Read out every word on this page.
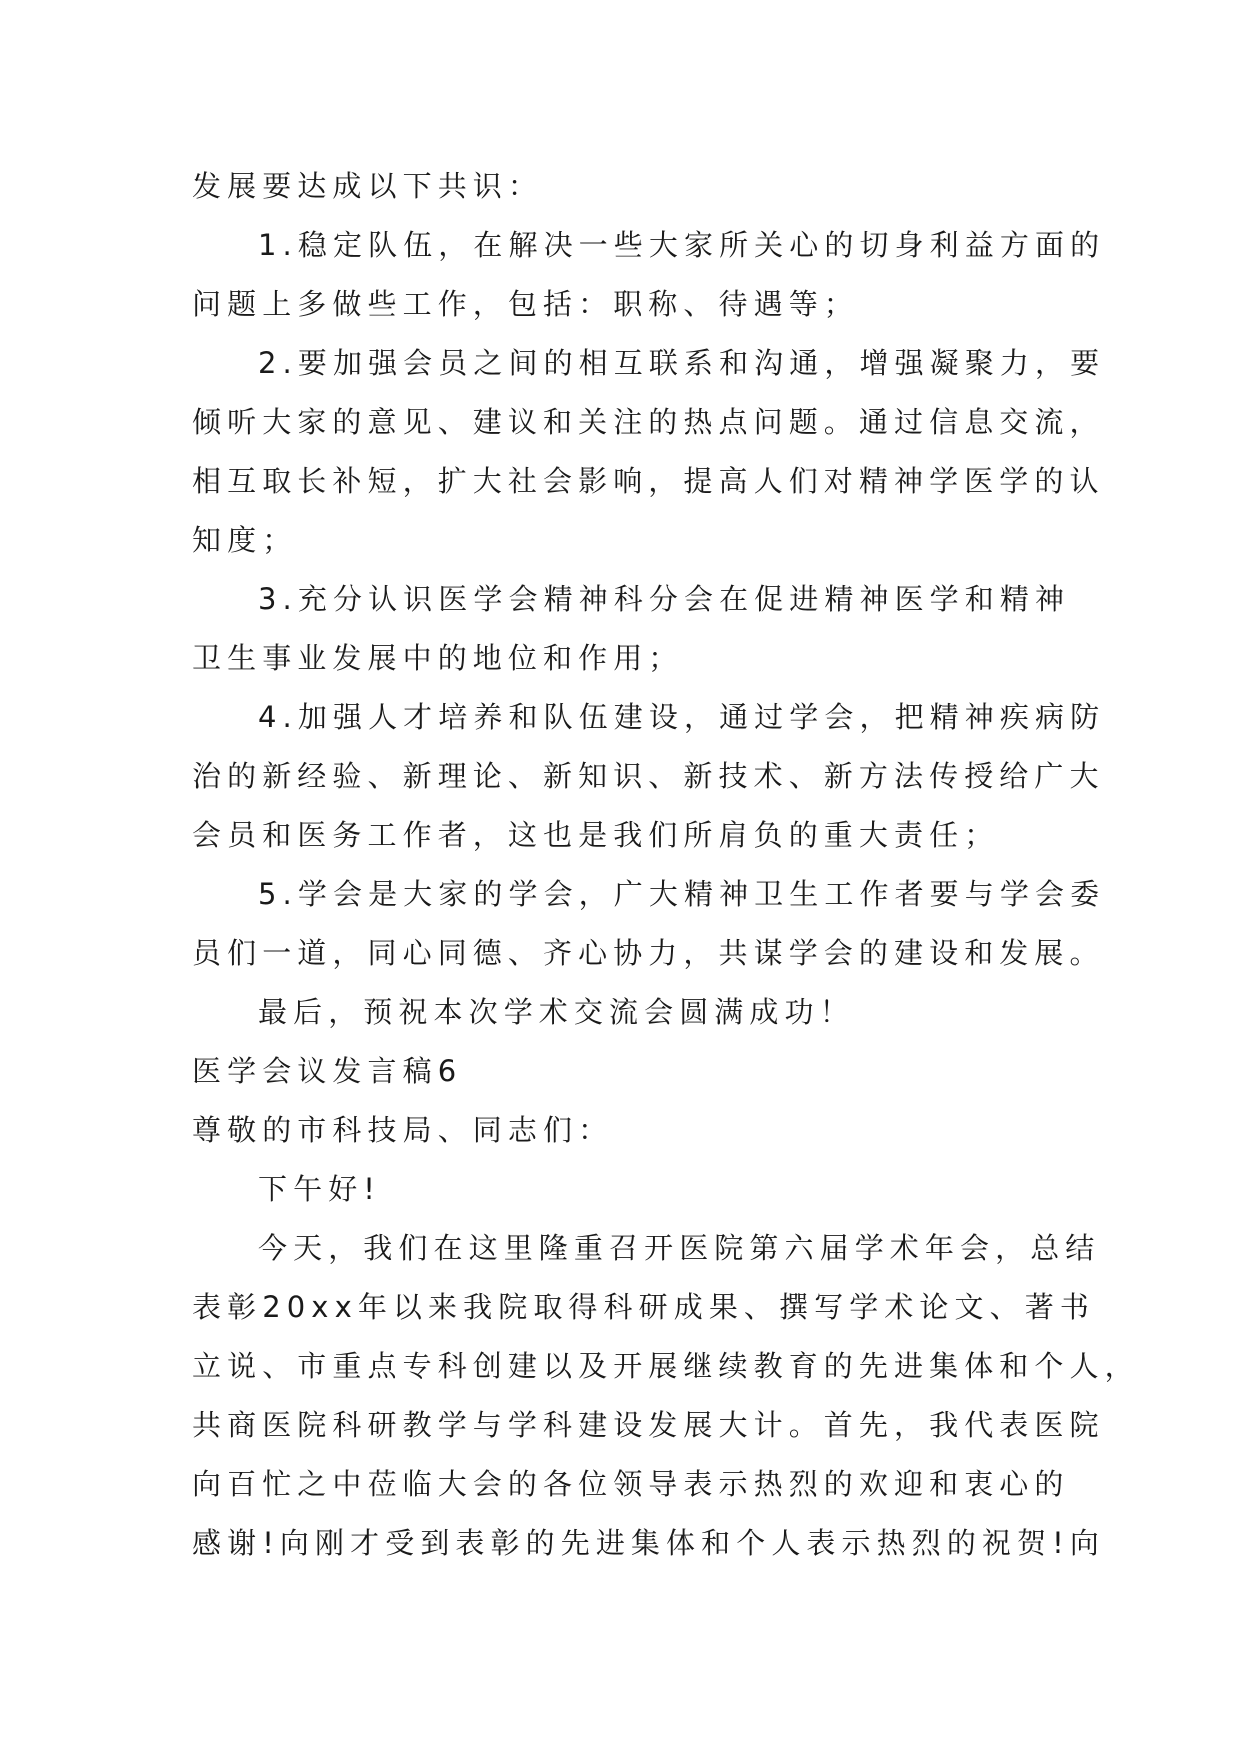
发展要达成以下共识：
1.稳定队伍，在解决一些大家所关心的切身利益方面的
问题上多做些工作，包括：职称、待遇等；
2.要加强会员之间的相互联系和沟通，增强凝聚力，要
倾听大家的意见、建议和关注的热点问题。通过信息交流，
相互取长补短，扩大社会影响，提高人们对精神学医学的认
知度；
3.充分认识医学会精神科分会在促进精神医学和精神
卫生事业发展中的地位和作用；
4.加强人才培养和队伍建设，通过学会，把精神疾病防
治的新经验、新理论、新知识、新技术、新方法传授给广大
会员和医务工作者，这也是我们所肩负的重大责任；
5.学会是大家的学会，广大精神卫生工作者要与学会委
员们一道，同心同德、齐心协力，共谋学会的建设和发展。
最后，预祝本次学术交流会圆满成功！
医学会议发言稿6
尊敬的市科技局、同志们：
下午好!
今天，我们在这里隆重召开医院第六届学术年会，总结
表彰20xx年以来我院取得科研成果、撰写学术论文、著书
立说、市重点专科创建以及开展继续教育的先进集体和个人，
共商医院科研教学与学科建设发展大计。首先，我代表医院
向百忙之中莅临大会的各位领导表示热烈的欢迎和衷心的
感谢!向刚才受到表彰的先进集体和个人表示热烈的祝贺!向
